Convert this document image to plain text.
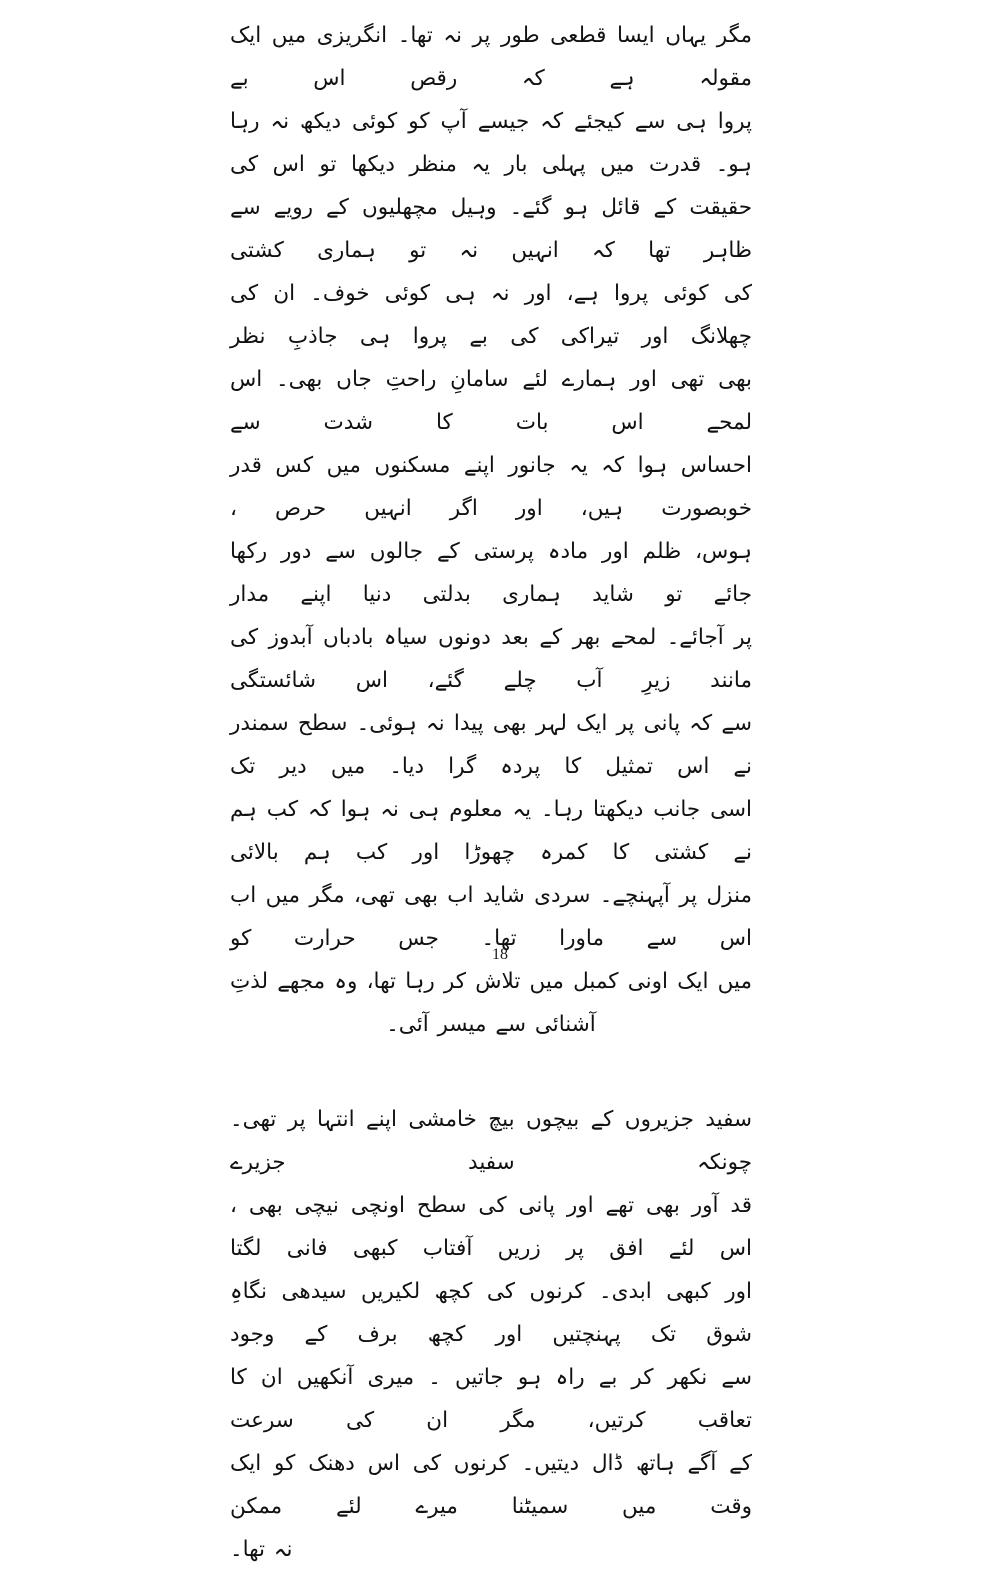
مگر یہاں ایسا قطعی طور پر نہ تھا۔ انگریزی میں ایک مقولہ ہے کہ رقص اس بے
پروا ہی سے کیجئے کہ جیسے آپ کو کوئی دیکھ نہ رہا ہو۔ قدرت میں پہلی بار یہ منظر دیکھا تو اس کی
حقیقت کے قائل ہو گئے۔ وہیل مچھلیوں کے رویے سے ظاہر تھا کہ انہیں نہ تو ہماری کشتی
کی کوئی پروا ہے، اور نہ ہی کوئی خوف۔ ان کی چھلانگ اور تیراکی کی بے پروا ہی جاذبِ نظر
بھی تھی اور ہمارے لئے سامانِ راحتِ جاں بھی۔ اس لمحے اس بات کا شدت سے
احساس ہوا کہ یہ جانور اپنے مسکنوں میں کس قدر خوبصورت ہیں، اور اگر انہیں حرص ،
ہوس، ظلم اور مادہ پرستی کے جالوں سے دور رکھا جائے تو شاید ہماری بدلتی دنیا اپنے مدار
پر آجائے۔ لمحے بھر کے بعد دونوں سیاہ بادباں آبدوز کی مانند زیرِ آب چلے گئے، اس شائستگی
سے کہ پانی پر ایک لہر بھی پیدا نہ ہوئی۔ سطح سمندر نے اس تمثیل کا پردہ گرا دیا۔ میں دیر تک
اسی جانب دیکھتا رہا۔ یہ معلوم ہی نہ ہوا کہ کب ہم نے کشتی کا کمرہ چھوڑا اور کب ہم بالائی
منزل پر آپہنچے۔ سردی شاید اب بھی تھی، مگر میں اب اس سے ماورا تھا۔ جس حرارت کو
میں ایک اونی کمبل میں تلاش کر رہا تھا، وہ مجھے لذتِ آشنائی سے میسر آئی۔
سفید جزیروں کے بیچوں بیچ خامشی اپنے انتہا پر تھی۔ چونکہ سفید جزیرے
قد آور بھی تھے اور پانی کی سطح اونچی نیچی بھی ، اس لئے افق پر زریں آفتاب کبھی فانی لگتا
اور کبھی ابدی۔ کرنوں کی کچھ لکیریں سیدھی نگاہِ شوق تک پہنچتیں اور کچھ برف کے وجود
سے نکھر کر بے راہ ہو جاتیں ۔ میری آنکھیں ان کا تعاقب کرتیں، مگر ان کی سرعت
کے آگے ہاتھ ڈال دیتیں۔ کرنوں کی اس دھنک کو ایک وقت میں سمیٹنا میرے لئے ممکن
نہ تھا۔
18
